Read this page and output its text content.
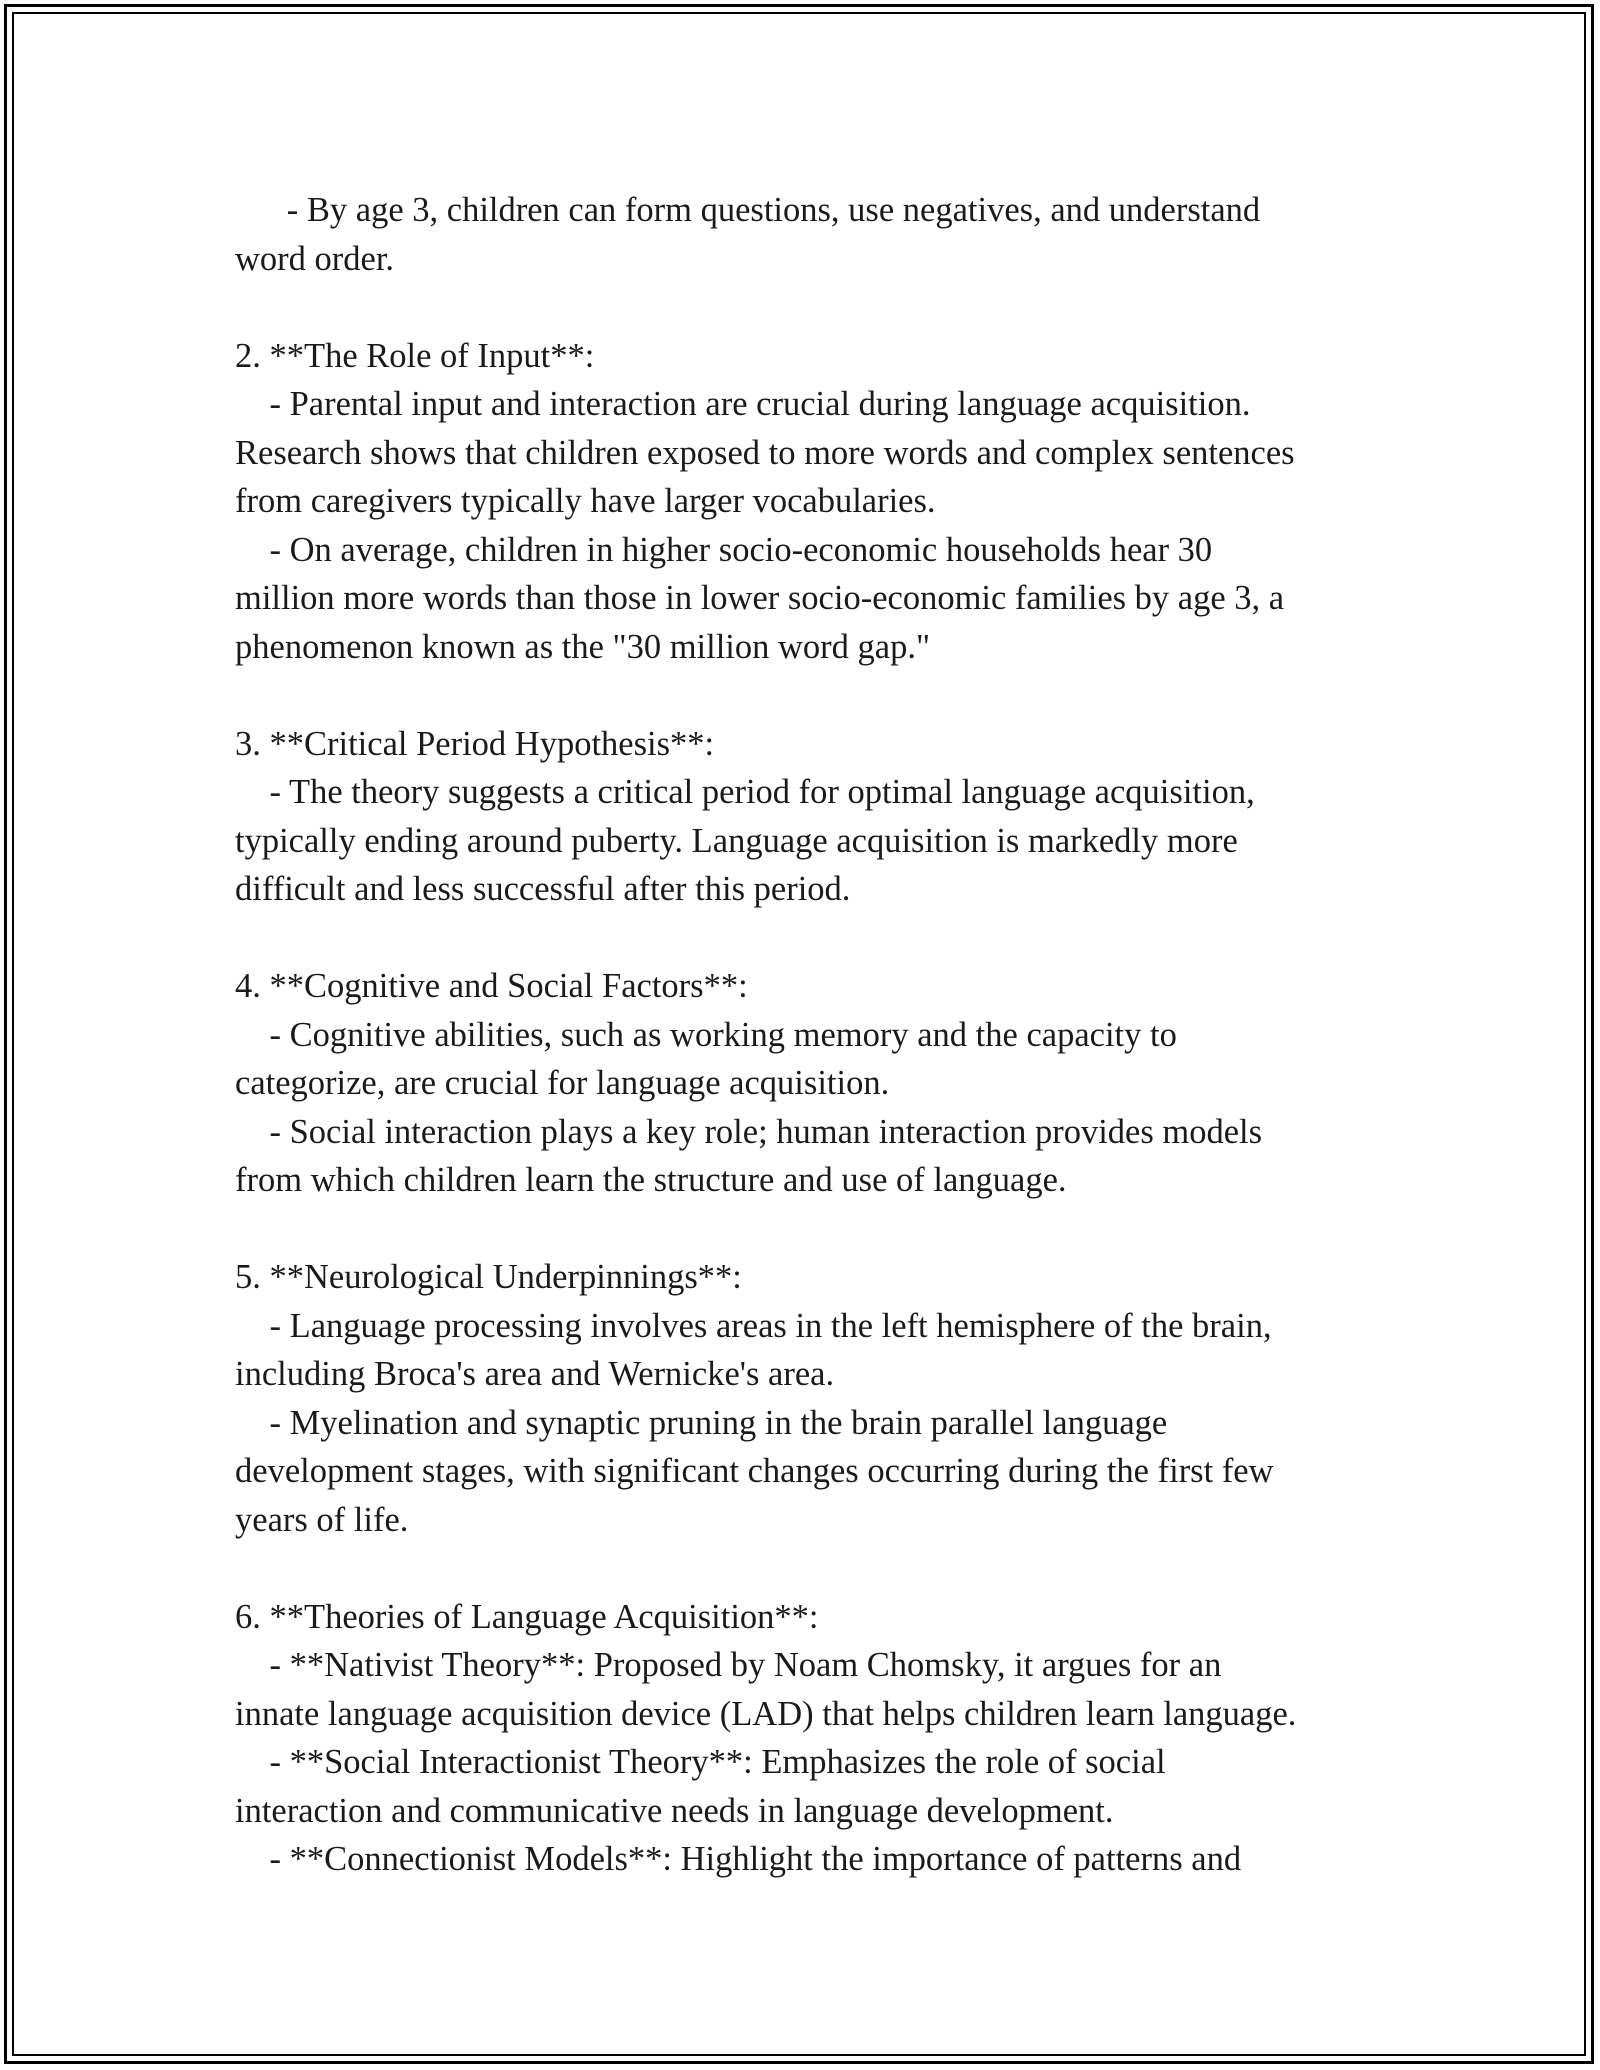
- By age 3, children can form questions, use negatives, and understand
word order.
2. **The Role of Input**:
- Parental input and interaction are crucial during language acquisition.
Research shows that children exposed to more words and complex sentences
from caregivers typically have larger vocabularies.
- On average, children in higher socio-economic households hear 30
million more words than those in lower socio-economic families by age 3, a
phenomenon known as the "30 million word gap."
3. **Critical Period Hypothesis**:
- The theory suggests a critical period for optimal language acquisition,
typically ending around puberty. Language acquisition is markedly more
difficult and less successful after this period.
4. **Cognitive and Social Factors**:
- Cognitive abilities, such as working memory and the capacity to
categorize, are crucial for language acquisition.
- Social interaction plays a key role; human interaction provides models
from which children learn the structure and use of language.
5. **Neurological Underpinnings**:
- Language processing involves areas in the left hemisphere of the brain,
including Broca's area and Wernicke's area.
- Myelination and synaptic pruning in the brain parallel language
development stages, with significant changes occurring during the first few
years of life.
6. **Theories of Language Acquisition**:
- **Nativist Theory**: Proposed by Noam Chomsky, it argues for an
innate language acquisition device (LAD) that helps children learn language.
- **Social Interactionist Theory**: Emphasizes the role of social
interaction and communicative needs in language development.
- **Connectionist Models**: Highlight the importance of patterns and
